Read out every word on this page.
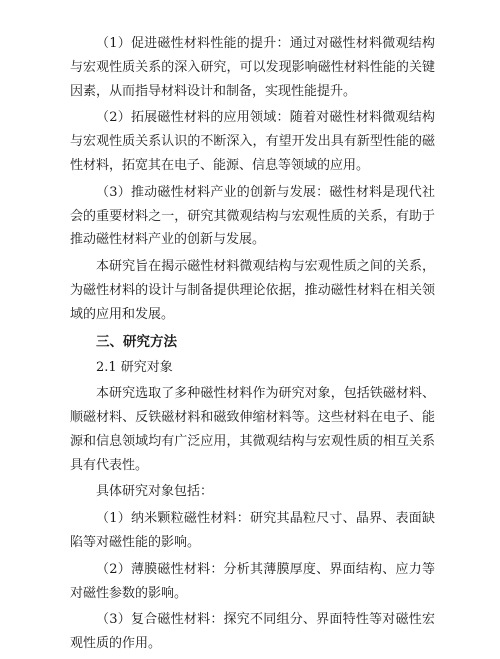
（1）促进磁性材料性能的提升：通过对磁性材料微观结构与宏观性质关系的深入研究，可以发现影响磁性材料性能的关键因素，从而指导材料设计和制备，实现性能提升。

（2）拓展磁性材料的应用领域：随着对磁性材料微观结构与宏观性质关系认识的不断深入，有望开发出具有新型性能的磁性材料，拓宽其在电子、能源、信息等领域的应用。

（3）推动磁性材料产业的创新与发展：磁性材料是现代社会的重要材料之一，研究其微观结构与宏观性质的关系，有助于推动磁性材料产业的创新与发展。

本研究旨在揭示磁性材料微观结构与宏观性质之间的关系，为磁性材料的设计与制备提供理论依据，推动磁性材料在相关领域的应用和发展。

三、研究方法
2.1 研究对象

本研究选取了多种磁性材料作为研究对象，包括铁磁材料、顺磁材料、反铁磁材料和磁致伸缩材料等。这些材料在电子、能源和信息领域均有广泛应用，其微观结构与宏观性质的相互关系具有代表性。

具体研究对象包括：

（1）纳米颗粒磁性材料：研究其晶粒尺寸、晶界、表面缺陷等对磁性能的影响。

（2）薄膜磁性材料：分析其薄膜厚度、界面结构、应力等对磁性参数的影响。

（3）复合磁性材料：探究不同组分、界面特性等对磁性宏观性质的作用。
